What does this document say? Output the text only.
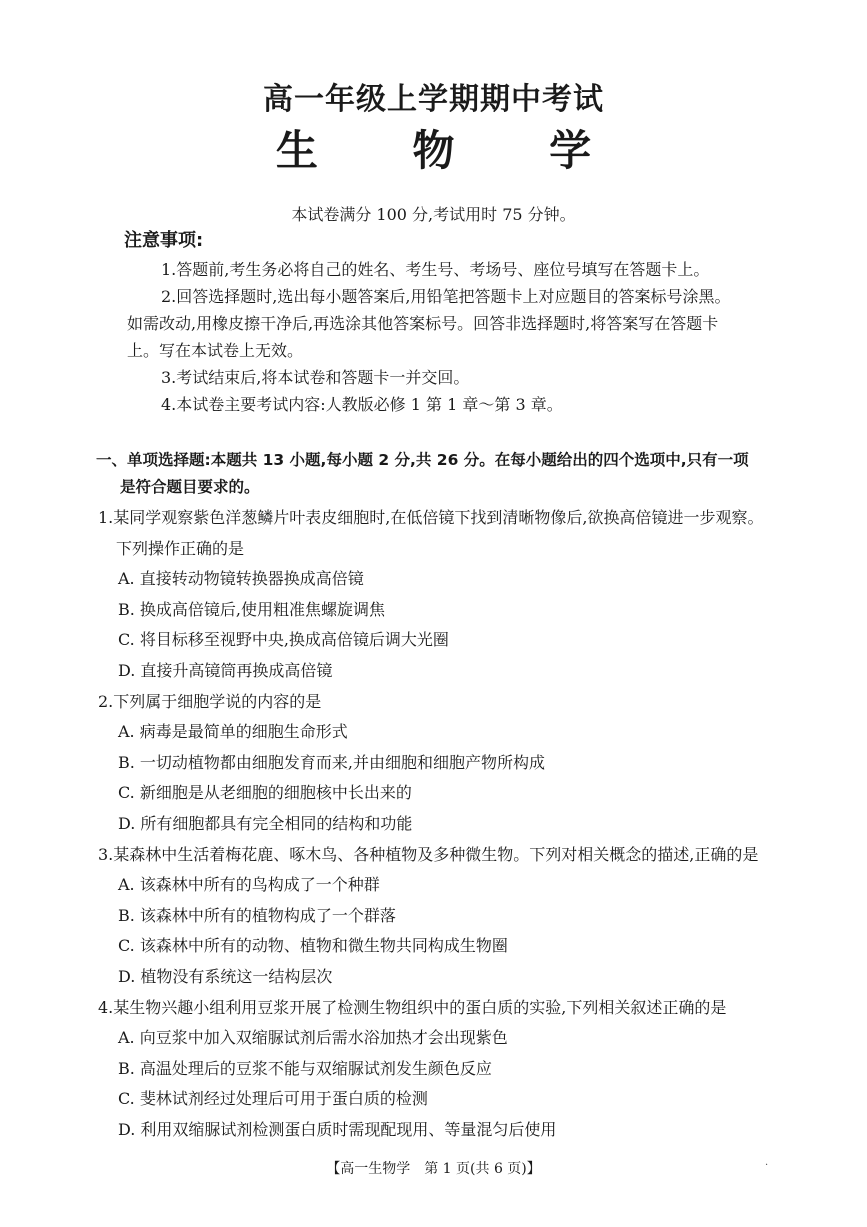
高一年级上学期期中考试
生 物 学
本试卷满分 100 分,考试用时 75 分钟。
注意事项:

1.答题前,考生务必将自己的姓名、考生号、考场号、座位号填写在答题卡上。

2.回答选择题时,选出每小题答案后,用铅笔把答题卡上对应题目的答案标号涂黑。如需改动,用橡皮擦干净后,再选涂其他答案标号。回答非选择题时,将答案写在答题卡上。写在本试卷上无效。

3.考试结束后,将本试卷和答题卡一并交回。

4.本试卷主要考试内容:人教版必修 1 第 1 章～第 3 章。

一、单项选择题:本题共 13 小题,每小题 2 分,共 26 分。在每小题给出的四个选项中,只有一项
是符合题目要求的。
1.某同学观察紫色洋葱鳞片叶表皮细胞时,在低倍镜下找到清晰物像后,欲换高倍镜进一步观察。下列操作正确的是
A. 直接转动物镜转换器换成高倍镜
B. 换成高倍镜后,使用粗准焦螺旋调焦
C. 将目标移至视野中央,换成高倍镜后调大光圈
D. 直接升高镜筒再换成高倍镜
2.下列属于细胞学说的内容的是
A. 病毒是最简单的细胞生命形式
B. 一切动植物都由细胞发育而来,并由细胞和细胞产物所构成
C. 新细胞是从老细胞的细胞核中长出来的
D. 所有细胞都具有完全相同的结构和功能
3.某森林中生活着梅花鹿、啄木鸟、各种植物及多种微生物。下列对相关概念的描述,正确的是
A. 该森林中所有的鸟构成了一个种群
B. 该森林中所有的植物构成了一个群落
C. 该森林中所有的动物、植物和微生物共同构成生物圈
D. 植物没有系统这一结构层次
4.某生物兴趣小组利用豆浆开展了检测生物组织中的蛋白质的实验,下列相关叙述正确的是
A. 向豆浆中加入双缩脲试剂后需水浴加热才会出现紫色
B. 高温处理后的豆浆不能与双缩脲试剂发生颜色反应
C. 斐林试剂经过处理后可用于蛋白质的检测
D. 利用双缩脲试剂检测蛋白质时需现配现用、等量混匀后使用
【高一生物学　第 1 页(共 6 页)】	·
